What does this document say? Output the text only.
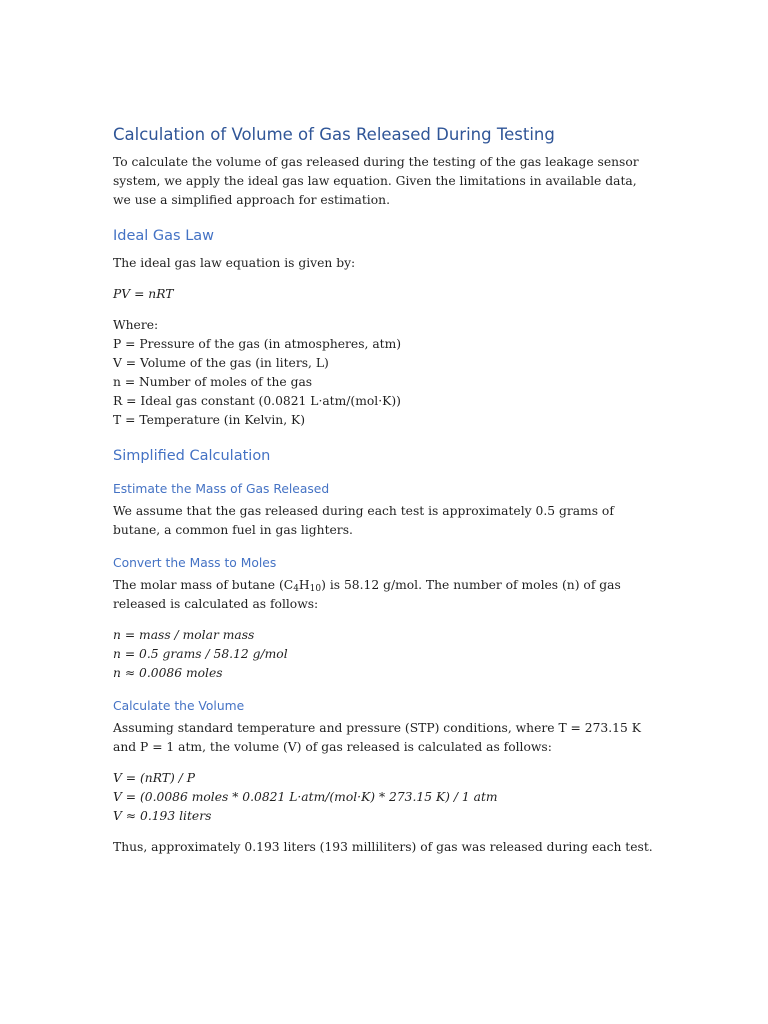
Calculation of Volume of Gas Released During Testing

To calculate the volume of gas released during the testing of the gas leakage sensor system, we apply the ideal gas law equation. Given the limitations in available data, we use a simplified approach for estimation.

Ideal Gas Law

The ideal gas law equation is given by:

PV = nRT

Where:
P = Pressure of the gas (in atmospheres, atm)
V = Volume of the gas (in liters, L)
n = Number of moles of the gas
R = Ideal gas constant (0.0821 L·atm/(mol·K))
T = Temperature (in Kelvin, K)

Simplified Calculation
Estimate the Mass of Gas Released

We assume that the gas released during each test is approximately 0.5 grams of butane, a common fuel in gas lighters.

Convert the Mass to Moles

The molar mass of butane $(C_4H_{10})$ is 58.12 g/mol. The number of moles (n) of gas released is calculated as follows:

n = mass / molar mass
n = 0.5 grams / 58.12 g/mol
n ≈ 0.0086 moles

Calculate the Volume

Assuming standard temperature and pressure (STP) conditions, where T = 273.15 K and P = 1 atm, the volume (V) of gas released is calculated as follows:

V = (nRT) / P
V = (0.0086 moles * 0.0821 L·atm/(mol·K) * 273.15 K) / 1 atm
V ≈ 0.193 liters

Thus, approximately 0.193 liters (193 milliliters) of gas was released during each test.
